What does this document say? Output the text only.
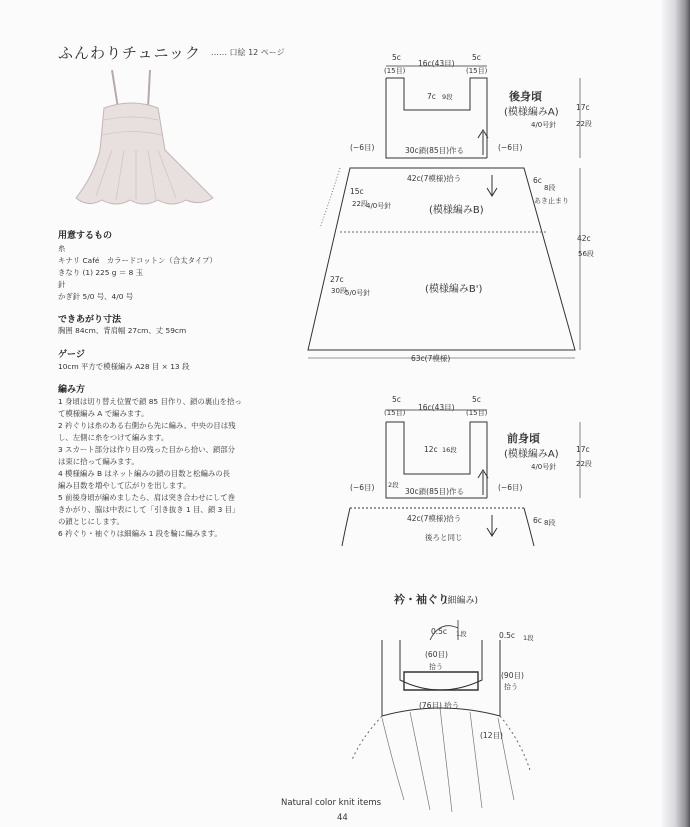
ふんわりチュニック …… 口絵 12 ページ
用意するもの
糸
キナリ Café　カラードコットン（合太タイプ）
きなり (1) 225 g ＝ 8 玉
針
かぎ針 5/0 号、4/0 号
できあがり寸法
胸囲 84cm、背肩幅 27cm、丈 59cm
ゲージ
10cm 平方で模様編み A28 目 × 13 段
編み方
1 身頃は切り替え位置で鎖 85 目作り、鎖の裏山を拾っ
て模様編み A で編みます。
2 衿ぐりは糸のある右側から先に編み、中央の目は残
し、左側に糸をつけて編みます。
3 スカート部分は作り目の残った目から拾い、鎖部分
は束に拾って編みます。
4 模様編み B はネット編みの鎖の目数と松編みの長
編み目数を増やして広がりを出します。
5 前後身頃が編めましたら、肩は突き合わせにして巻
きかがり、脇は中表にして「引き抜き 1 目、鎖 3 目」
の鎖とじにします。
6 衿ぐり・袖ぐりは細編み 1 段を輪に編みます。
5c
16c(43目)
5c
(15目)	(15目)
7c 9段	後身頃
(模様編みA)
4/0号針
17c
22段
(−6目)	(−6目)
30c鎖(85目)作る
42c(7模様)拾う	6c
8段
あき止まり
15c
22段
4/0号針	(模様編みB)
42c
56段
27c
30段
5/0号針	(模様編みB')
63c(7模様)
5c
16c(43目)
5c
(15目)	(15目)
12c 16段
前身頃
(模様編みA)
4/0号針
17c
22段
(−6目)	(−6目)
2段
30c鎖(85目)作る
42c(7模様)拾う	6c 8段
後ろと同じ
衿・袖ぐり
(細編み)
0.5c 1段	0.5c 1段
(60目)
拾う
(90目)
拾う
(76目) 拾う
(12目)
Natural color knit items
44
